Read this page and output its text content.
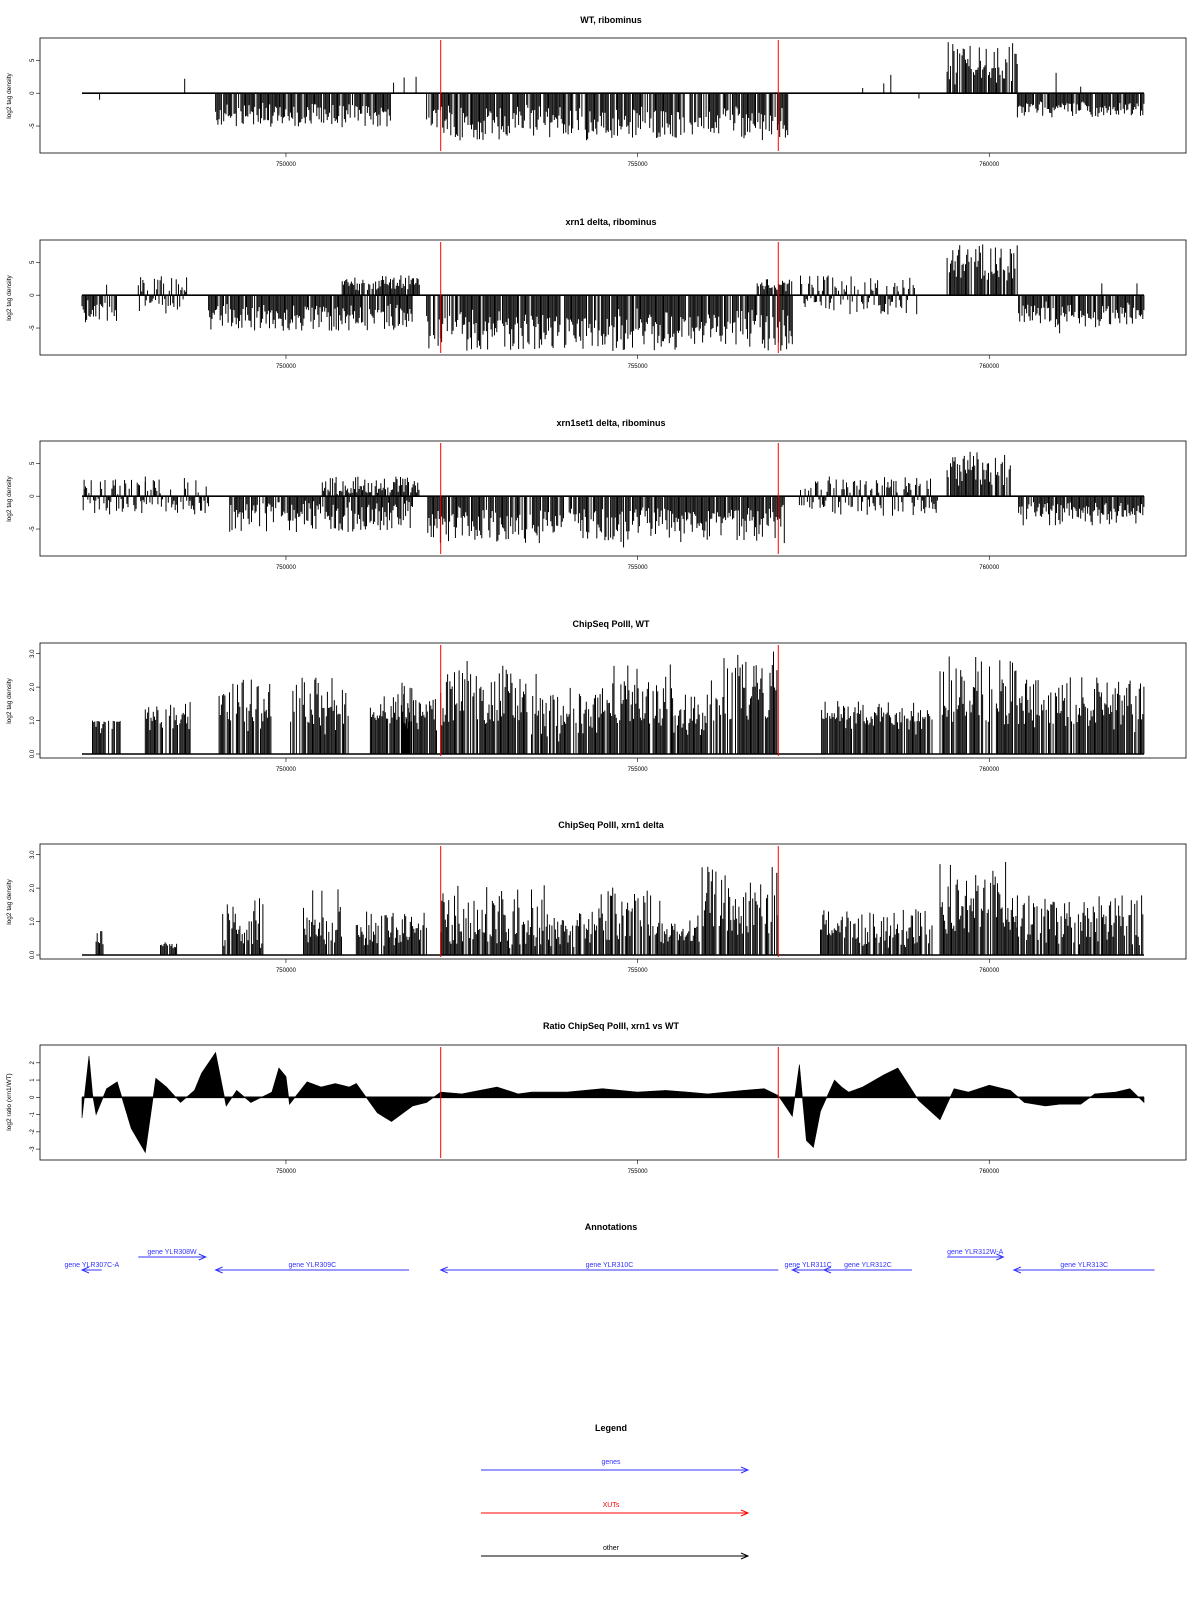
WT, ribominus
750000	755000	760000
-5
0
5
log2 tag density
xrn1 delta, ribominus
750000	755000	760000
-5
0
5
log2 tag density
xrn1set1 delta, ribominus
750000	755000	760000
-5
0
5
log2 tag density
ChipSeq PolII, WT
750000	755000	760000
0.0
1.0
2.0
3.0
log2 tag density
ChipSeq PolII, xrn1 delta
750000	755000	760000
0.0
1.0
2.0
3.0
log2 tag density
Ratio ChipSeq PolII, xrn1 vs WT
750000	755000	760000
-3
-2
-1
0
1
2
log2 ratio (xrn1/WT)
Annotations
gene YLR307C-A
gene YLR308W
gene YLR309C	gene YLR310C	gene YLR311C gene YLR312C
gene YLR312W-A
gene YLR313C
Legend
genes
XUTs
other
